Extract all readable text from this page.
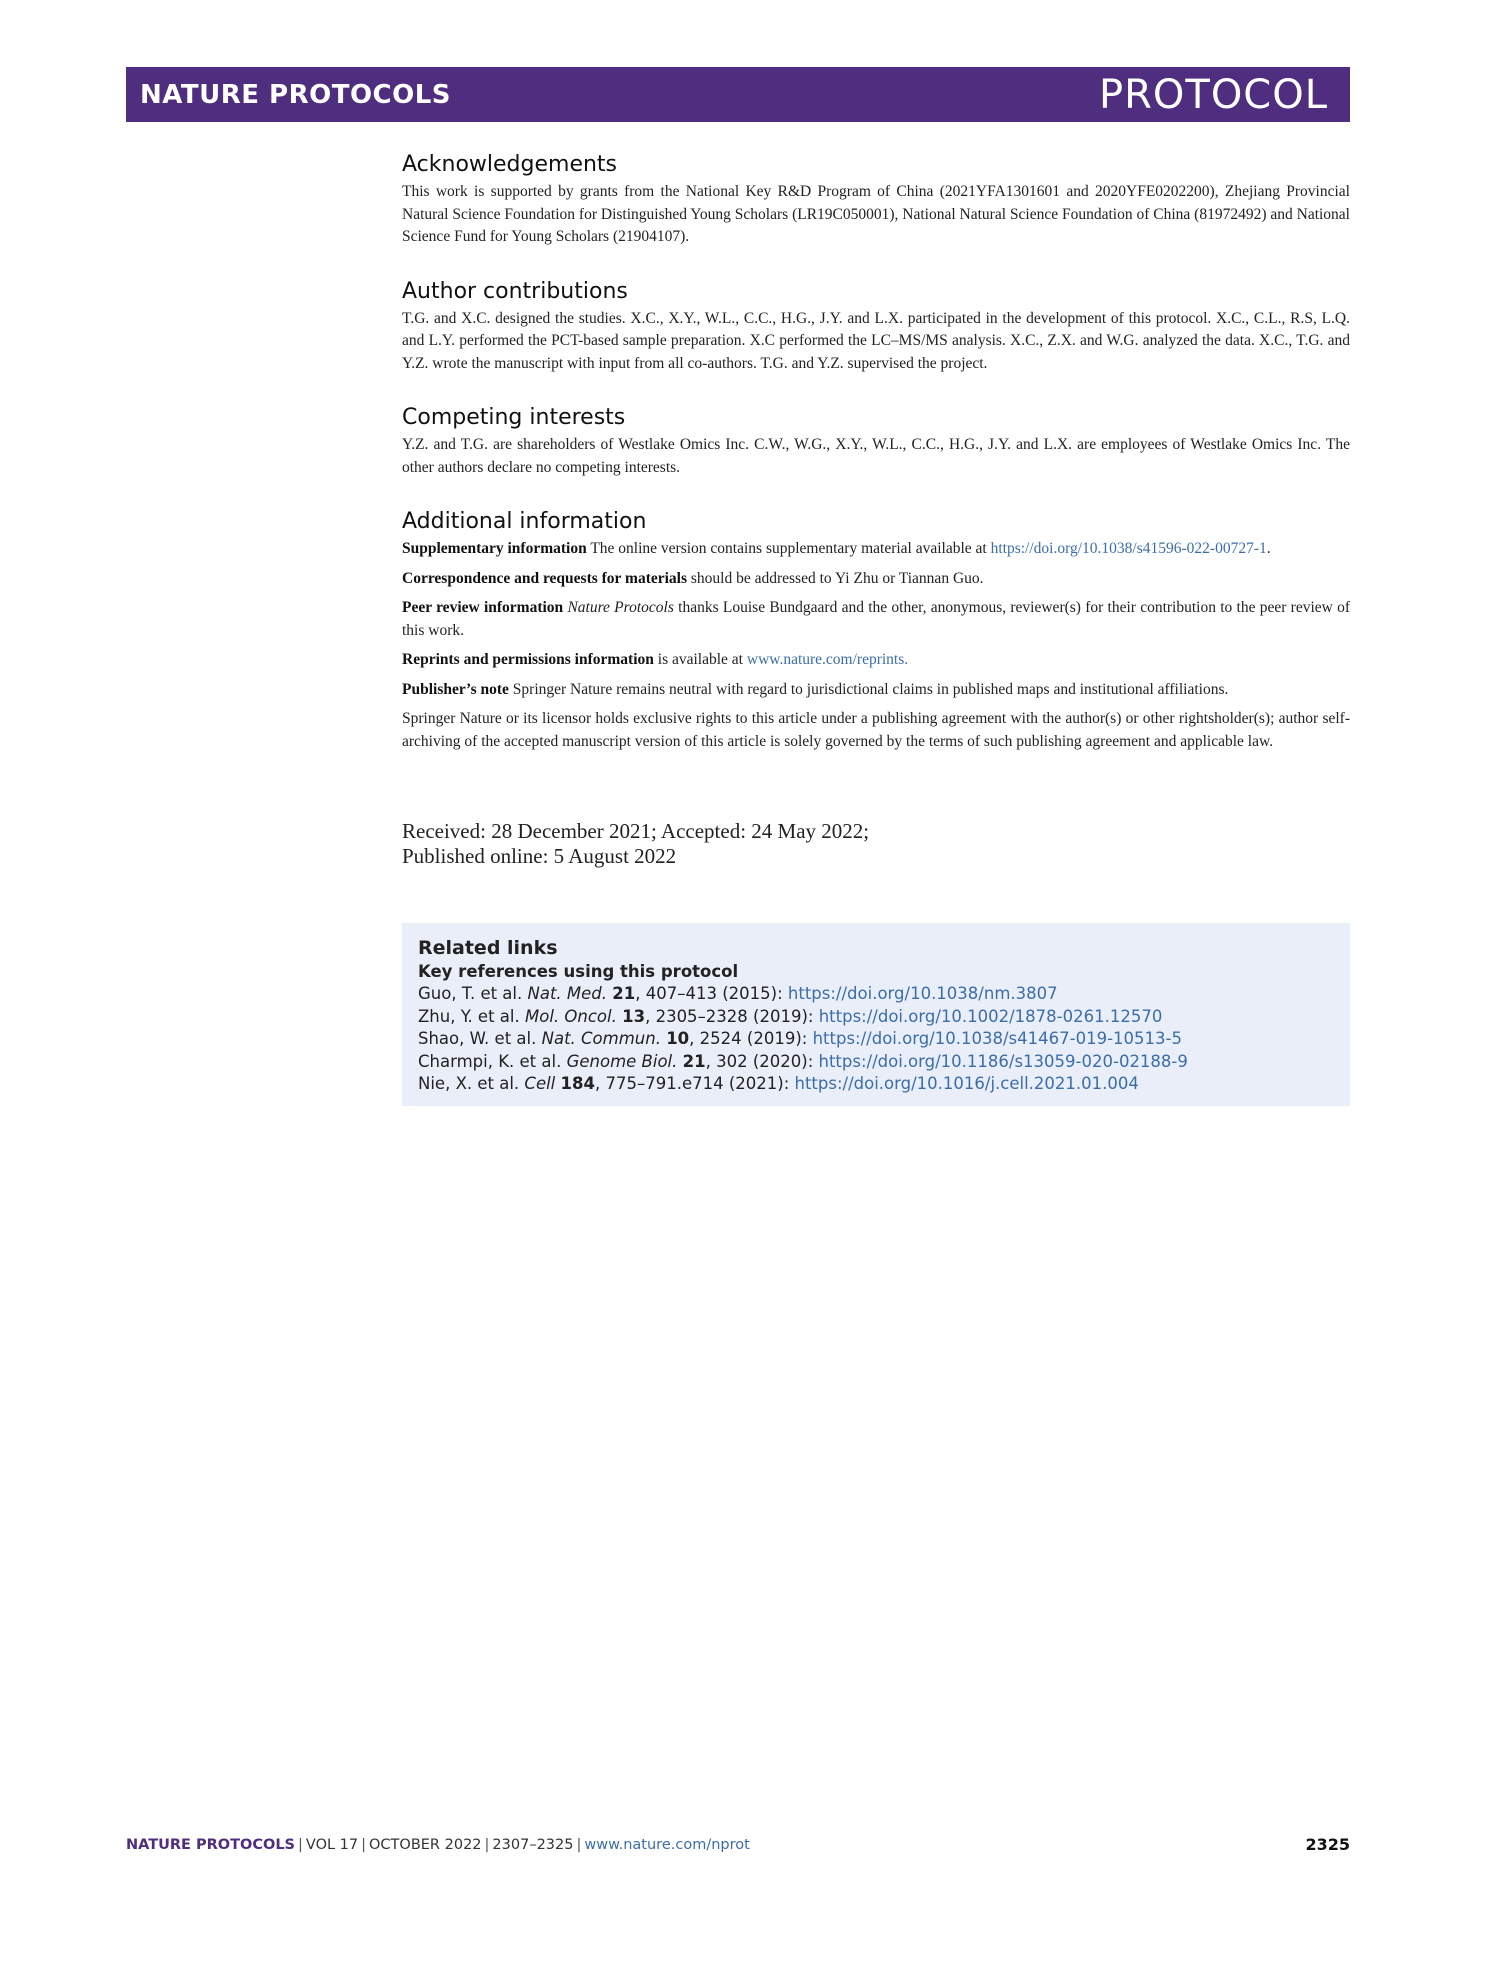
NATURE PROTOCOLS	PROTOCOL
Acknowledgements

This work is supported by grants from the National Key R&D Program of China (2021YFA1301601 and 2020YFE0202200), Zhejiang Provincial Natural Science Foundation for Distinguished Young Scholars (LR19C050001), National Natural Science Foundation of China (81972492) and National Science Fund for Young Scholars (21904107).

Author contributions

T.G. and X.C. designed the studies. X.C., X.Y., W.L., C.C., H.G., J.Y. and L.X. participated in the development of this protocol. X.C., C.L., R.S, L.Q. and L.Y. performed the PCT-based sample preparation. X.C performed the LC–MS/MS analysis. X.C., Z.X. and W.G. analyzed the data. X.C., T.G. and Y.Z. wrote the manuscript with input from all co-authors. T.G. and Y.Z. supervised the project.

Competing interests

Y.Z. and T.G. are shareholders of Westlake Omics Inc. C.W., W.G., X.Y., W.L., C.C., H.G., J.Y. and L.X. are employees of Westlake Omics Inc. The other authors declare no competing interests.

Additional information

Supplementary information The online version contains supplementary material available at https://doi.org/10.1038/s41596-022-00727-1.

Correspondence and requests for materials should be addressed to Yi Zhu or Tiannan Guo.

Peer review information Nature Protocols thanks Louise Bundgaard and the other, anonymous, reviewer(s) for their contribution to the peer review of this work.

Reprints and permissions information is available at www.nature.com/reprints.

Publisher’s note Springer Nature remains neutral with regard to jurisdictional claims in published maps and institutional affiliations.

Springer Nature or its licensor holds exclusive rights to this article under a publishing agreement with the author(s) or other rightsholder(s); author self-archiving of the accepted manuscript version of this article is solely governed by the terms of such publishing agreement and applicable law.

Received: 28 December 2021; Accepted: 24 May 2022;
Published online: 5 August 2022
Related links
Key references using this protocol
Guo, T. et al. Nat. Med. 21, 407–413 (2015): https://doi.org/10.1038/nm.3807
Zhu, Y. et al. Mol. Oncol. 13, 2305–2328 (2019): https://doi.org/10.1002/1878-0261.12570
Shao, W. et al. Nat. Commun. 10, 2524 (2019): https://doi.org/10.1038/s41467-019-10513-5
Charmpi, K. et al. Genome Biol. 21, 302 (2020): https://doi.org/10.1186/s13059-020-02188-9
Nie, X. et al. Cell 184, 775–791.e714 (2021): https://doi.org/10.1016/j.cell.2021.01.004
NATURE PROTOCOLS | VOL 17 | OCTOBER 2022 | 2307–2325 | www.nature.com/nprot	2325
